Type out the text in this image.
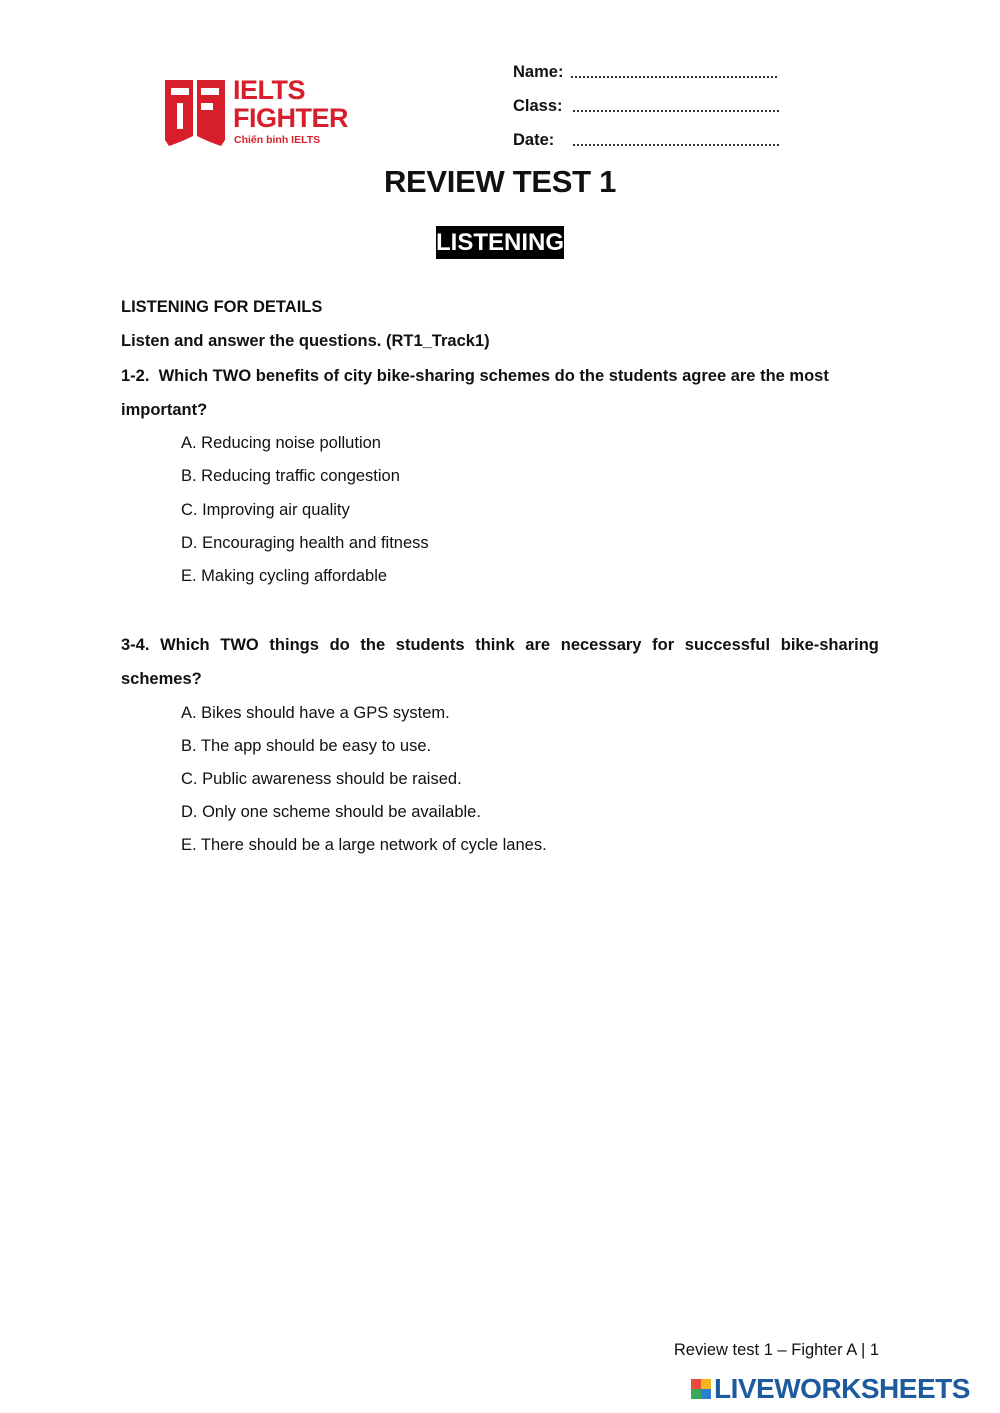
IELTS
FIGHTER
Chiến binh IELTS
Name:
Class:
Date:
REVIEW TEST 1
LISTENING
LISTENING FOR DETAILS
Listen and answer the questions. (RT1_Track1)
1-2. Which TWO benefits of city bike-sharing schemes do the students agree are the most
important?
A. Reducing noise pollution
B. Reducing traffic congestion
C. Improving air quality
D. Encouraging health and fitness
E. Making cycling affordable
3-4. Which TWO things do the students think are necessary for successful bike-sharing
schemes?
A. Bikes should have a GPS system.
B. The app should be easy to use.
C. Public awareness should be raised.
D. Only one scheme should be available.
E. There should be a large network of cycle lanes.
Review test 1 – Fighter A | 1
LIVEWORKSHEETS
